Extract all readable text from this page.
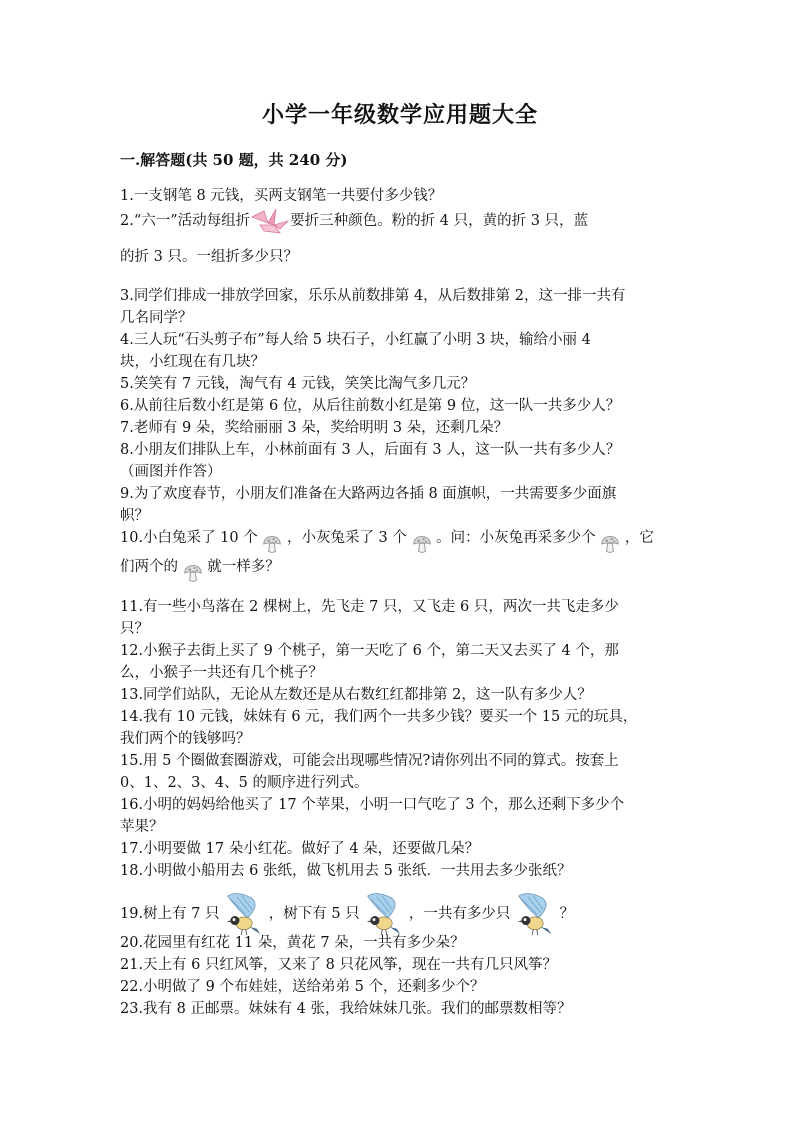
小学一年级数学应用题大全
一.解答题(共 50 题，共 240 分)
1.一支钢笔 8 元钱，买两支钢笔一共要付多少钱？
2.“六一”活动每组折	要折三种颜色。粉的折 4 只，黄的折 3 只，蓝
的折 3 只。一组折多少只？
3.同学们排成一排放学回家，乐乐从前数排第 4，从后数排第 2，这一排一共有
几名同学？
4.三人玩“石头剪子布”每人给 5 块石子，小红赢了小明 3 块，输给小丽 4
块，小红现在有几块？
5.笑笑有 7 元钱，淘气有 4 元钱，笑笑比淘气多几元？
6.从前往后数小红是第 6 位，从后往前数小红是第 9 位，这一队一共多少人？
7.老师有 9 朵，奖给丽丽 3 朵，奖给明明 3 朵，还剩几朵？
8.小朋友们排队上车，小林前面有 3 人，后面有 3 人，这一队一共有多少人？
（画图并作答）
9.为了欢度春节，小朋友们准备在大路两边各插 8 面旗帜，一共需要多少面旗
帜？
10.小白兔采了 10 个 ，小灰兔采了 3 个 。问：小灰兔再采多少个 ，它
们两个的 就一样多？
11.有一些小鸟落在 2 棵树上，先飞走 7 只，又飞走 6 只，两次一共飞走多少
只？
12.小猴子去街上买了 9 个桃子，第一天吃了 6 个，第二天又去买了 4 个，那
么，小猴子一共还有几个桃子？
13.同学们站队，无论从左数还是从右数红红都排第 2，这一队有多少人？
14.我有 10 元钱，妹妹有 6 元，我们两个一共多少钱？要买一个 15 元的玩具，
我们两个的钱够吗？
15.用 5 个圈做套圈游戏，可能会出现哪些情况?请你列出不同的算式。按套上
0、1、2、3、4、5 的顺序进行列式。
16.小明的妈妈给他买了 17 个苹果，小明一口气吃了 3 个，那么还剩下多少个
苹果？
17.小明要做 17 朵小红花。做好了 4 朵，还要做几朵？
18.小明做小船用去 6 张纸，做飞机用去 5 张纸．一共用去多少张纸？
19.树上有 7 只	，树下有 5 只	，一共有多少只	？
20.花园里有红花 11 朵，黄花 7 朵，一共有多少朵？
21.天上有 6 只红风筝，又来了 8 只花风筝，现在一共有几只风筝？
22.小明做了 9 个布娃娃，送给弟弟 5 个，还剩多少个？
23.我有 8 正邮票。妹妹有 4 张，我给妹妹几张。我们的邮票数相等？
